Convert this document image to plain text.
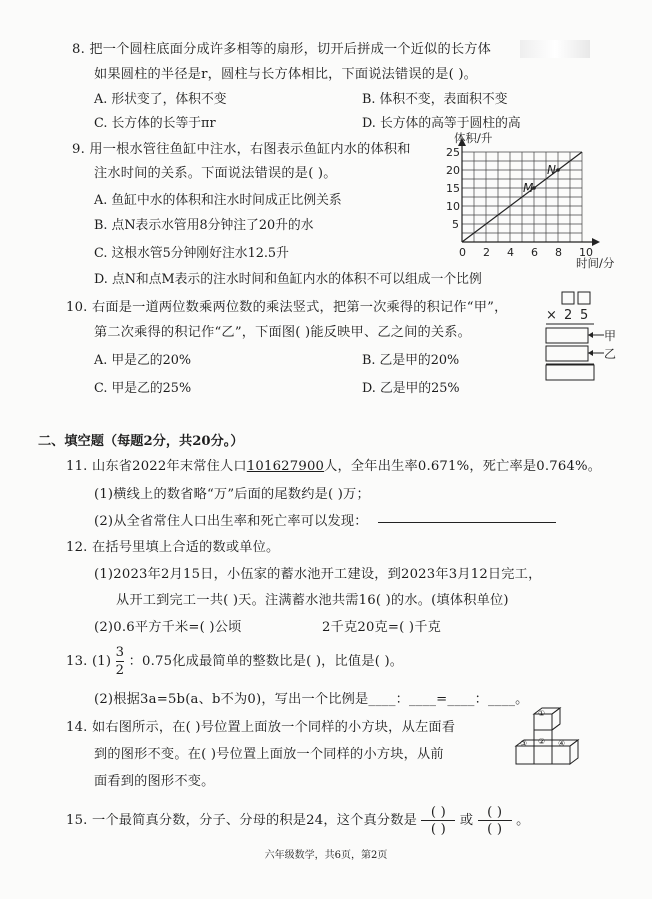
8. 把一个圆柱底面分成许多相等的扇形，切开后拼成一个近似的长方体
如果圆柱的半径是r，圆柱与长方体相比，下面说法错误的是( )。
A. 形状变了，体积不变	B. 体积不变，表面积不变
C. 长方体的长等于πr	D. 长方体的高等于圆柱的高
9. 用一根水管往鱼缸中注水，右图表示鱼缸内水的体积和
注水时间的关系。下面说法错误的是( )。
A. 鱼缸中水的体积和注水时间成正比例关系
B. 点N表示水管用8分钟注了20升的水
C. 这根水管5分钟刚好注水12.5升
D. 点N和点M表示的注水时间和鱼缸内水的体积不可以组成一个比例
体积/升
时间/分
0 2 4 6 8 10
5
10
15
20
25
M
N
10. 右面是一道两位数乘两位数的乘法竖式，把第一次乘得的积记作“甲”，
第二次乘得的积记作“乙”，下面图( )能反映甲、乙之间的关系。
A. 甲是乙的20%	B. 乙是甲的20%
C. 甲是乙的25%	D. 乙是甲的25%
× 2 5
甲
乙
二、填空题（每题2分，共20分。）
11. 山东省2022年末常住人口101627900人，全年出生率0.671%，死亡率是0.764%。
(1)横线上的数省略“万”后面的尾数约是( )万；
(2)从全省常住人口出生率和死亡率可以发现：
12. 在括号里填上合适的数或单位。
(1)2023年2月15日，小伍家的蓄水池开工建设，到2023年3月12日完工，
从开工到完工一共( )天。注满蓄水池共需16( )的水。(填体积单位)
(2)0.6平方千米=( )公顷	2千克20克=( )千克
13. $(1) \frac{3}{2}$ ：0.75化成最简单的整数比是( )，比值是( )。
(2)根据3a=5b(a、b不为0)，写出一个比例是____：____=____：____。
14. 如右图所示，在( )号位置上面放一个同样的小方块，从左面看
到的图形不变。在( )号位置上面放一个同样的小方块，从前
面看到的图形不变。
①
②
③	④
15. 一个最简真分数，分子、分母的积是24，这个真分数是 $\frac{( )}{( )}$ 或 $\frac{( )}{( )}$ 。
六年级数学，共6页，第2页
